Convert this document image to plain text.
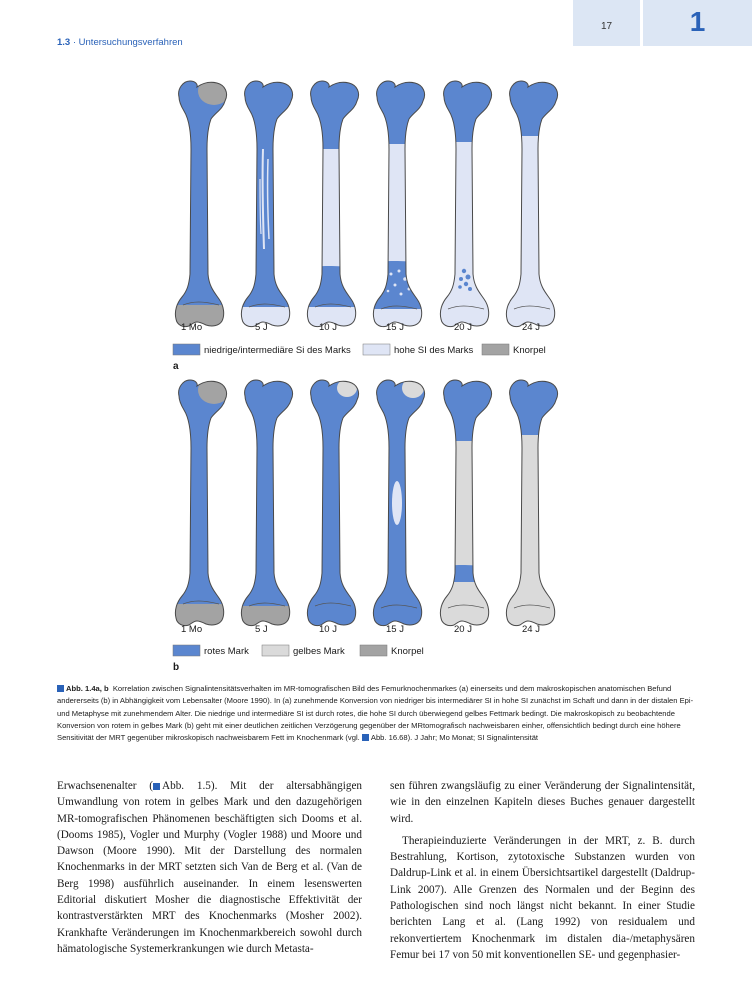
17	1
1.3 · Untersuchungsverfahren
1 Mo	5 J	10 J	15 J	20 J	24 J
niedrige/intermediäre Si des Marks	hohe SI des Marks	Knorpel
a
1 Mo	5 J	10 J	15 J	20 J	24 J
rotes Mark	gelbes Mark	Knorpel
b

Abb. 1.4a, b Korrelation zwischen Signalintensitätsverhalten im MR-tomografischen Bild des Femurknochenmarkes (a) einerseits und dem makroskopischen anatomischen Befund andererseits (b) in Abhängigkeit vom Lebensalter (Moore 1990). In (a) zunehmende Konversion von niedriger bis intermediärer SI in hohe SI zunächst im Schaft und dann in der distalen Epi- und Metaphyse mit zunehmendem Alter. Die niedrige und intermediäre SI ist durch rotes, die hohe SI durch überwiegend gelbes Fettmark bedingt. Die makroskopisch zu beobachtende Konversion von rotem in gelbes Mark (b) geht mit einer deutlichen zeitlichen Verzögerung gegenüber der MRtomografisch nachweisbaren einher, offensichtlich bedingt durch eine höhere Sensitivität der MRT gegenüber mikroskopisch nachweisbarem Fett im Knochenmark (vgl. Abb. 16.68). J Jahr; Mo Monat; SI Signalintensität

Erwachsenenalter ( Abb. 1.5). Mit der altersabhängigen Umwandlung von rotem in gelbes Mark und den dazugehörigen MR-tomografischen Phänomenen beschäftigten sich Dooms et al. (Dooms 1985), Vogler und Murphy (Vogler 1988) und Moore und Dawson (Moore 1990). Mit der Darstellung des normalen Knochenmarks in der MRT setzten sich Van de Berg et al. (Van de Berg 1998) ausführlich auseinander. In einem lesenswerten Editorial diskutiert Mosher die diagnostische Effektivität der kontrastverstärkten MRT des Knochenmarks (Mosher 2002). Krankhafte Veränderungen im Knochenmarkbereich sowohl durch hämatologische Systemerkrankungen wie durch Metasta-

sen führen zwangsläufig zu einer Veränderung der Signalintensität, wie in den einzelnen Kapiteln dieses Buches genauer dargestellt wird.

Therapieinduzierte Veränderungen in der MRT, z. B. durch Bestrahlung, Kortison, zytotoxische Substanzen wurden von Daldrup-Link et al. in einem Übersichtsartikel dargestellt (Daldrup-Link 2007). Alle Grenzen des Normalen und der Beginn des Pathologischen sind noch längst nicht bekannt. In einer Studie berichten Lang et al. (Lang 1992) von residualem und rekonvertiertem Knochenmark im distalen dia-/metaphysären Femur bei 17 von 50 mit konventionellen SE- und gegenphasier-
